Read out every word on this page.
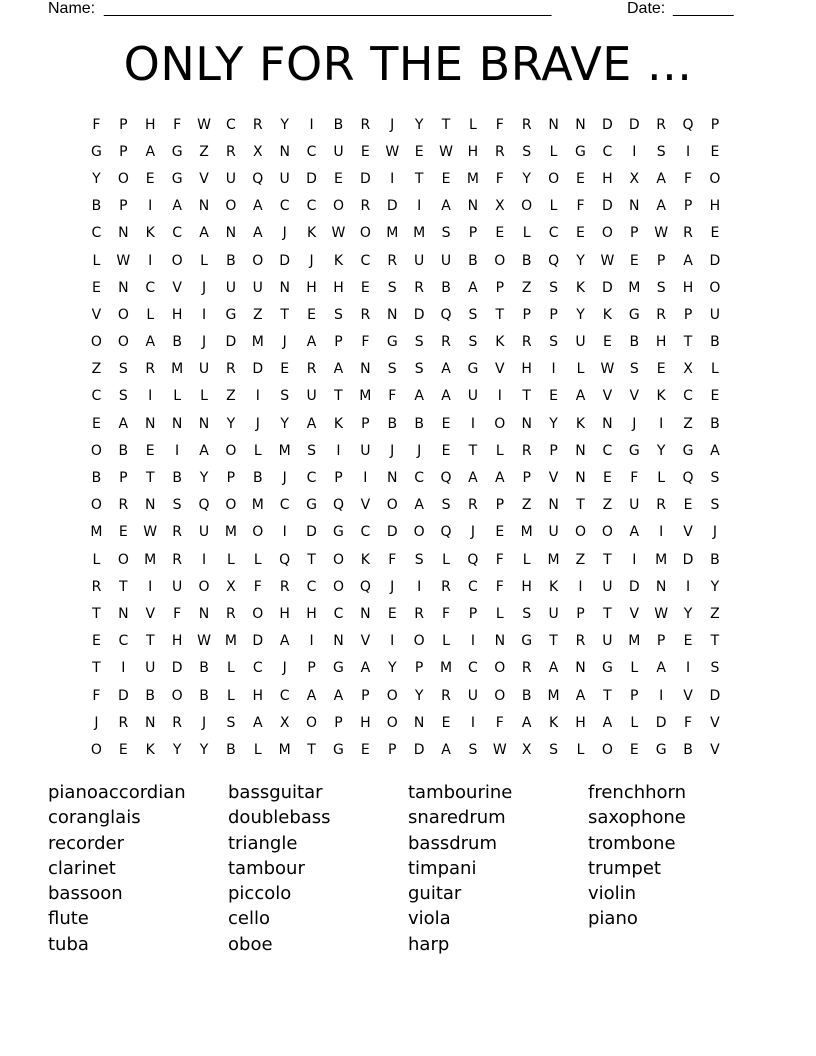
Name: ____________________________________________________	Date: _______
ONLY FOR THE BRAVE ...
F	P	H	F	W	C	R	Y	I	B	R	J	Y	T	L	F	R	N	N	D	D	R	Q	P
G	P	A	G	Z	R	X	N	C	U	E	W	E	W	H	R	S	L	G	C	I	S	I	E
Y	O	E	G	V	U	Q	U	D	E	D	I	T	E	M	F	Y	O	E	H	X	A	F	O
B	P	I	A	N	O	A	C	C	O	R	D	I	A	N	X	O	L	F	D	N	A	P	H
C	N	K	C	A	N	A	J	K	W	O	M	M	S	P	E	L	C	E	O	P	W	R	E
L	W	I	O	L	B	O	D	J	K	C	R	U	U	B	O	B	Q	Y	W	E	P	A	D
E	N	C	V	J	U	U	N	H	H	E	S	R	B	A	P	Z	S	K	D	M	S	H	O
V	O	L	H	I	G	Z	T	E	S	R	N	D	Q	S	T	P	P	Y	K	G	R	P	U
O	O	A	B	J	D	M	J	A	P	F	G	S	R	S	K	R	S	U	E	B	H	T	B
Z	S	R	M	U	R	D	E	R	A	N	S	S	A	G	V	H	I	L	W	S	E	X	L
C	S	I	L	L	Z	I	S	U	T	M	F	A	A	U	I	T	E	A	V	V	K	C	E
E	A	N	N	N	Y	J	Y	A	K	P	B	B	E	I	O	N	Y	K	N	J	I	Z	B
O	B	E	I	A	O	L	M	S	I	U	J	J	E	T	L	R	P	N	C	G	Y	G	A
B	P	T	B	Y	P	B	J	C	P	I	N	C	Q	A	A	P	V	N	E	F	L	Q	S
O	R	N	S	Q	O	M	C	G	Q	V	O	A	S	R	P	Z	N	T	Z	U	R	E	S
M	E	W	R	U	M	O	I	D	G	C	D	O	Q	J	E	M	U	O	O	A	I	V	J
L	O	M	R	I	L	L	Q	T	O	K	F	S	L	Q	F	L	M	Z	T	I	M	D	B
R	T	I	U	O	X	F	R	C	O	Q	J	I	R	C	F	H	K	I	U	D	N	I	Y
T	N	V	F	N	R	O	H	H	C	N	E	R	F	P	L	S	U	P	T	V	W	Y	Z
E	C	T	H	W M	D	A	I	N	V	I	O	L	I	N	G	T	R	U	M	P	E	T
T	I	U	D	B	L	C	J	P	G	A	Y	P	M	C	O	R	A	N	G	L	A	I	S
F	D	B	O	B	L	H	C	A	A	P	O	Y	R	U	O	B	M	A	T	P	I	V	D
J	R	N	R	J	S	A	X	O	P	H	O	N	E	I	F	A	K	H	A	L	D	F	V
O	E	K	Y	Y	B	L	M	T	G	E	P	D	A	S	W	X	S	L	O	E	G	B	V
pianoaccordian
coranglais
recorder
clarinet
bassoon
flute
tuba
bassguitar
doublebass
triangle
tambour
piccolo
cello
oboe
tambourine
snaredrum
bassdrum
timpani
guitar
viola
harp
frenchhorn
saxophone
trombone
trumpet
violin
piano
